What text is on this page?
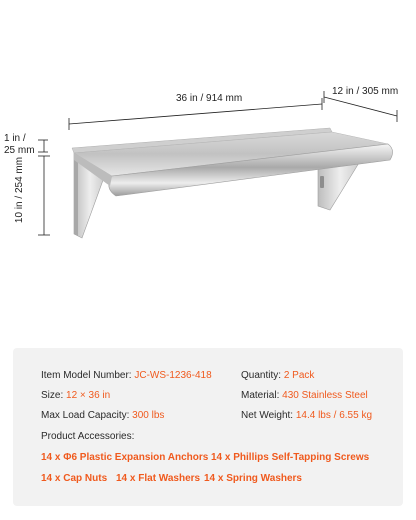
36 in / 914 mm
12 in / 305 mm
1 in /
25 mm
10 in / 254 mm
Item Model Number: JC-WS-1236-418	Quantity: 2 Pack
Size: 12 × 36 in	Material: 430 Stainless Steel
Max Load Capacity: 300 lbs	Net Weight: 14.4 lbs / 6.55 kg
Product Accessories:
14 x Φ6 Plastic Expansion Anchors 14 x Phillips Self-Tapping Screws
14 x Cap Nuts 14 x Flat Washers 14 x Spring Washers
